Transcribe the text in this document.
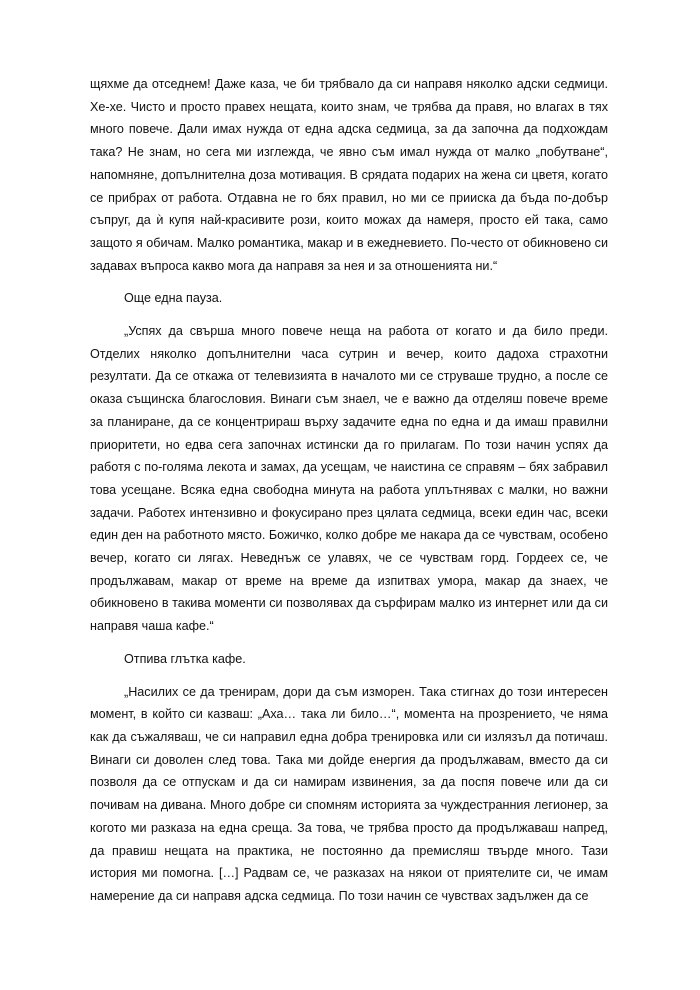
щяхме да отседнем! Даже каза, че би трябвало да си направя няколко адски седмици. Хе-хе. Чисто и просто правех нещата, които знам, че трябва да правя, но влагах в тях много повече. Дали имах нужда от една адска седмица, за да започна да подхождам така? Не знам, но сега ми изглежда, че явно съм имал нужда от малко „побутване“, напомняне, допълнителна доза мотивация. В срядата подарих на жена си цветя, когато се прибрах от работа. Отдавна не го бях правил, но ми се прииска да бъда по-добър съпруг, да ѝ купя най-красивите рози, които можах да намеря, просто ей така, само защото я обичам. Малко романтика, макар и в ежедневието. По-често от обикновено си задавах въпроса какво мога да направя за нея и за отношенията ни.“

Още една пауза.

„Успях да свърша много повече неща на работа от когато и да било преди. Отделих няколко допълнителни часа сутрин и вечер, които дадоха страхотни резултати. Да се откажа от телевизията в началото ми се струваше трудно, а после се оказа същинска благословия. Винаги съм знаел, че е важно да отделяш повече време за планиране, да се концентрираш върху задачите една по една и да имаш правилни приоритети, но едва сега започнах истински да го прилагам. По този начин успях да работя с по-голяма лекота и замах, да усещам, че наистина се справям – бях забравил това усещане. Всяка една свободна минута на работа уплътнявах с малки, но важни задачи. Работех интензивно и фокусирано през цялата седмица, всеки един час, всеки един ден на работното място. Божичко, колко добре ме накара да се чувствам, особено вечер, когато си лягах. Неведнъж се улавях, че се чувствам горд. Гордеех се, че продължавам, макар от време на време да изпитвах умора, макар да знаех, че обикновено в такива моменти си позволявах да сърфирам малко из интернет или да си направя чаша кафе.“

Отпива глътка кафе.

„Насилих се да тренирам, дори да съм изморен. Така стигнах до този интересен момент, в който си казваш: „Аха… така ли било…“, момента на прозрението, че няма как да съжаляваш, че си направил една добра тренировка или си излязъл да потичаш. Винаги си доволен след това. Така ми дойде енергия да продължавам, вместо да си позволя да се отпускам и да си намирам извинения, за да поспя повече или да си почивам на дивана. Много добре си спомням историята за чуждестранния легионер, за когото ми разказа на една среща. За това, че трябва просто да продължаваш напред, да правиш нещата на практика, не постоянно да премисляш твърде много. Тази история ми помогна. […] Радвам се, че разказах на някои от приятелите си, че имам намерение да си направя адска седмица. По този начин се чувствах задължен да се
